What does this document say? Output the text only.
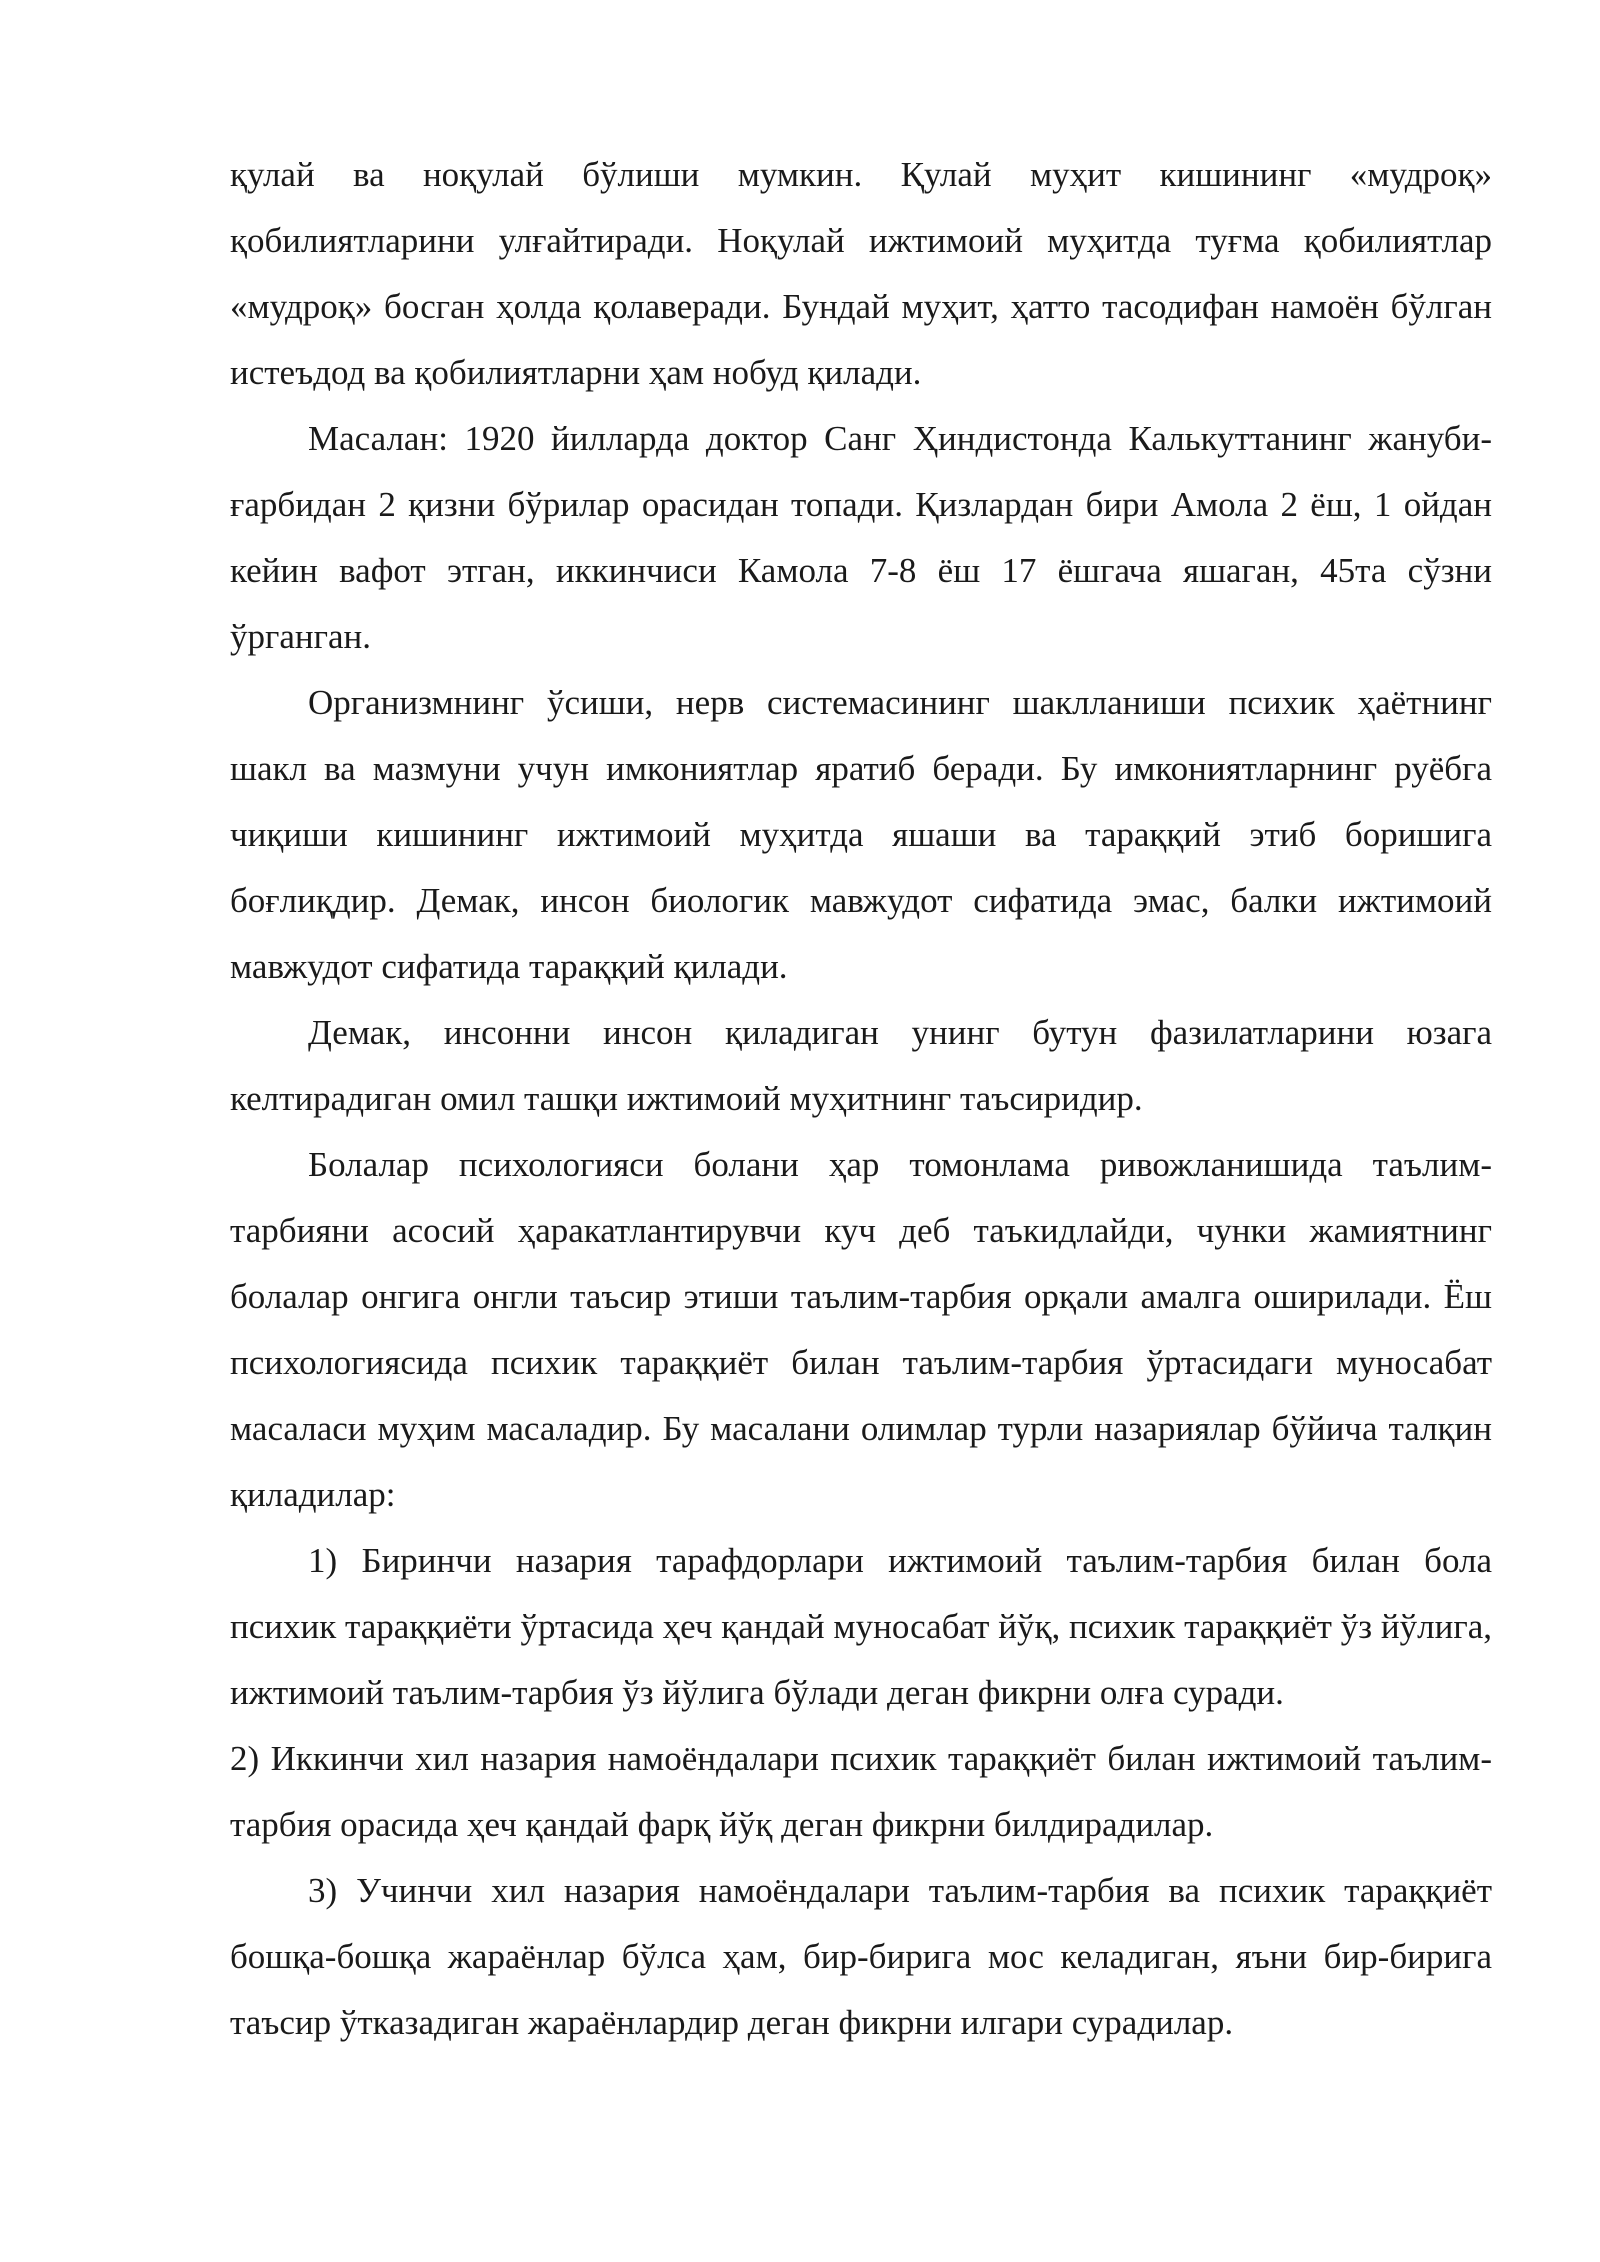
қулай ва ноқулай бўлиши мумкин. Қулай муҳит кишининг «мудроқ» қобилиятларини улғайтиради. Ноқулай ижтимоий муҳитда туғма қобилиятлар «мудроқ» босган ҳолда қолаверади. Бундай муҳит, ҳатто тасодифан намоён бўлган истеъдод ва қобилиятларни ҳам нобуд қилади.

Масалан: 1920 йилларда доктор Санг Ҳиндистонда Калькуттанинг жануби- ғарбидан 2 қизни бўрилар орасидан топади. Қизлардан бири Амола 2 ёш, 1 ойдан кейин вафот этган, иккинчиси Камола 7-8 ёш 17 ёшгача яшаган, 45та сўзни ўрганган.

Организмнинг ўсиши, нерв системасининг шаклланиши психик ҳаётнинг шакл ва мазмуни учун имкониятлар яратиб беради. Бу имкониятларнинг руёбга чиқиши кишининг ижтимоий муҳитда яшаши ва тараққий этиб боришига боғлиқдир. Демак, инсон биологик мавжудот сифатида эмас, балки ижтимоий мавжудот сифатида тараққий қилади.

Демак, инсонни инсон қиладиган унинг бутун фазилатларини юзага келтирадиган омил ташқи ижтимоий муҳитнинг таъсиридир.

Болалар психологияси болани ҳар томонлама ривожланишида таълим-тарбияни асосий ҳаракатлантирувчи куч деб таъкидлайди, чунки жамиятнинг болалар онгига онгли таъсир этиши таълим-тарбия орқали амалга оширилади. Ёш психологиясида психик тараққиёт билан таълим-тарбия ўртасидаги муносабат масаласи муҳим масаладир. Бу масалани олимлар турли назариялар бўйича талқин қиладилар:

1) Биринчи назария тарафдорлари ижтимоий таълим-тарбия билан бола психик тараққиёти ўртасида ҳеч қандай муносабат йўқ, психик тараққиёт ўз йўлига, ижтимоий таълим-тарбия ўз йўлига бўлади деган фикрни олға суради.

2) Иккинчи хил назария намоёндалари психик тараққиёт билан ижтимоий таълим-тарбия орасида ҳеч қандай фарқ йўқ деган фикрни билдирадилар.

3) Учинчи хил назария намоёндалари таълим-тарбия ва психик тараққиёт бошқа-бошқа жараёнлар бўлса ҳам, бир-бирига мос келадиган, яъни бир-бирига таъсир ўтказадиган жараёнлардир деган фикрни илгари сурадилар.
